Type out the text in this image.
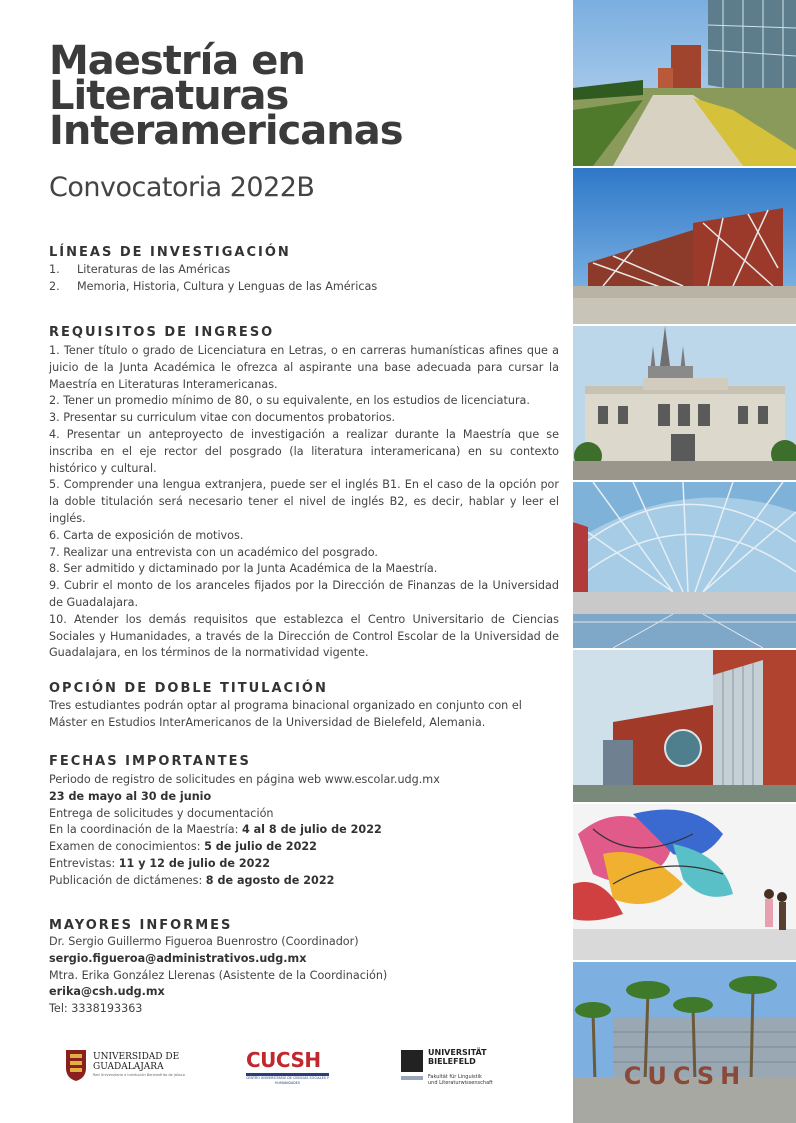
Maestría en
Literaturas
Interamericanas
Convocatoria 2022B
LÍNEAS DE INVESTIGACIÓN
1.	Literaturas de las Américas
2.	Memoria, Historia, Cultura y Lenguas de las Américas
REQUISITOS DE INGRESO
1. Tener título o grado de Licenciatura en Letras, o en carreras humanísticas afines que a juicio de la Junta Académica le ofrezca al aspirante una base adecuada para cursar la Maestría en Literaturas Interamericanas.
2. Tener un promedio mínimo de 80, o su equivalente, en los estudios de licenciatura.
3. Presentar su curriculum vitae con documentos probatorios.
4. Presentar un anteproyecto de investigación a realizar durante la Maestría que se inscriba en el eje rector del posgrado (la literatura interamericana) en su contexto histórico y cultural.
5. Comprender una lengua extranjera, puede ser el inglés B1. En el caso de la opción por la doble titulación será necesario tener el nivel de inglés B2, es decir, hablar y leer el inglés.
6. Carta de exposición de motivos.
7. Realizar una entrevista con un académico del posgrado.
8. Ser admitido y dictaminado por la Junta Académica de la Maestría.
9. Cubrir el monto de los aranceles fijados por la Dirección de Finanzas de la Universidad de Guadalajara.
10. Atender los demás requisitos que establezca el Centro Universitario de Ciencias Sociales y Humanidades, a través de la Dirección de Control Escolar de la Universidad de Guadalajara, en los términos de la normatividad vigente.
OPCIÓN DE DOBLE TITULACIÓN
Tres estudiantes podrán optar al programa binacional organizado en conjunto con el Máster en Estudios InterAmericanos de la Universidad de Bielefeld, Alemania.
FECHAS IMPORTANTES
Periodo de registro de solicitudes en página web www.escolar.udg.mx
23 de mayo al 30 de junio
Entrega de solicitudes y documentación
En la coordinación de la Maestría: 4 al 8 de julio de 2022
Examen de conocimientos: 5 de julio de 2022
Entrevistas: 11 y 12 de julio de 2022
Publicación de dictámenes: 8 de agosto de 2022
MAYORES INFORMES
Dr. Sergio Guillermo Figueroa Buenrostro (Coordinador)
sergio.figueroa@administrativos.udg.mx
Mtra. Erika González Llerenas (Asistente de la Coordinación)
erika@csh.udg.mx
Tel: 3338193363
UNIVERSIDAD DE
GUADALAJARA
Red Universitaria e Institución Benemérita de Jalisco
CUCSH
CENTRO UNIVERSITARIO DE CIENCIAS SOCIALES Y HUMANIDADES
UNIVERSITÄT
BIELEFELD
Fakultät für Linguistik
und Literaturwissenschaft	CUCSH
